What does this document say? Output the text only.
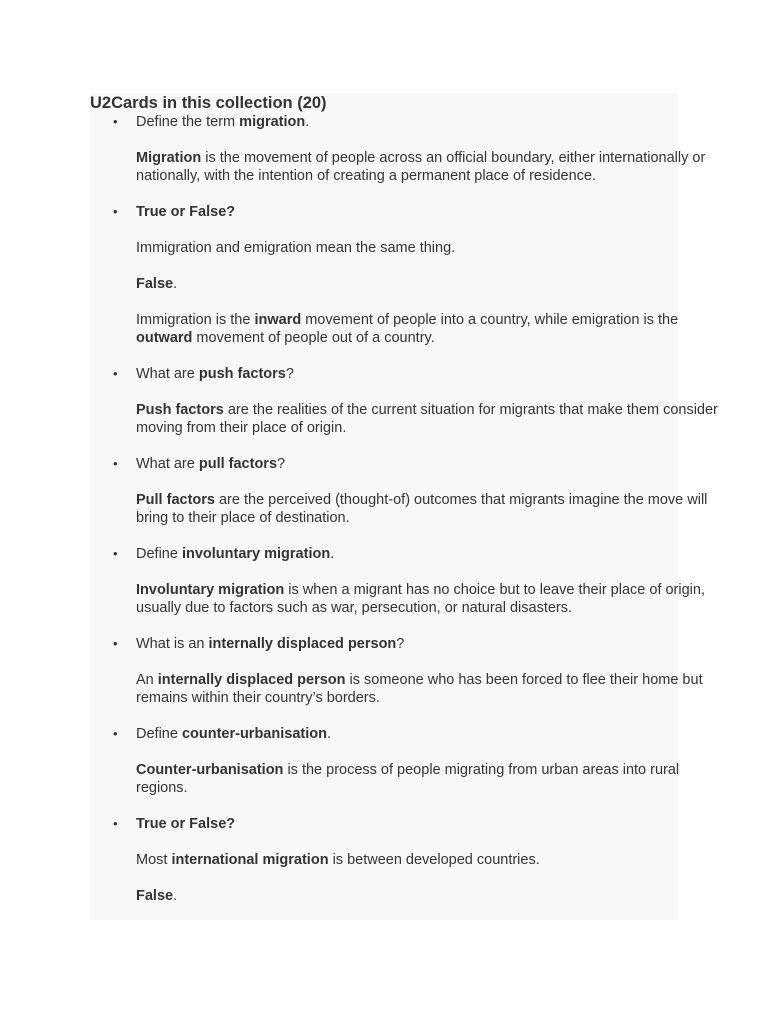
U2Cards in this collection (20)

• Define the term migration.

Migration is the movement of people across an official boundary, either internationally or nationally, with the intention of creating a permanent place of residence.

• True or False?

Immigration and emigration mean the same thing.

False.

Immigration is the inward movement of people into a country, while emigration is the outward movement of people out of a country.

• What are push factors?

Push factors are the realities of the current situation for migrants that make them consider moving from their place of origin.

• What are pull factors?

Pull factors are the perceived (thought-of) outcomes that migrants imagine the move will bring to their place of destination.

• Define involuntary migration.

Involuntary migration is when a migrant has no choice but to leave their place of origin, usually due to factors such as war, persecution, or natural disasters.

• What is an internally displaced person?

An internally displaced person is someone who has been forced to flee their home but remains within their country’s borders.

• Define counter-urbanisation.

Counter-urbanisation is the process of people migrating from urban areas into rural regions.

• True or False?

Most international migration is between developed countries.

False.
